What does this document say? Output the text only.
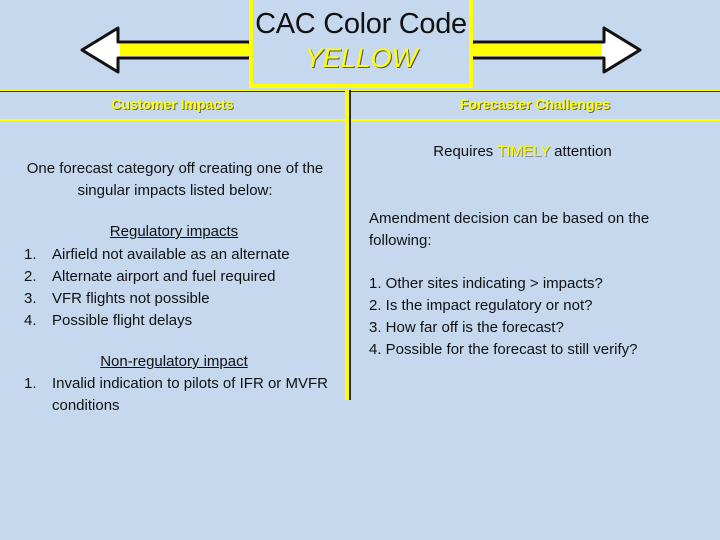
CAC Color Code
YELLOW
Customer Impacts	Forecaster Challenges
One forecast category off creating one of the singular impacts listed below:
Regulatory impacts
1. Airfield not available as an alternate
2. Alternate airport and fuel required
3. VFR flights not possible
4. Possible flight delays
Non-regulatory impact
1. Invalid indication to pilots of IFR or MVFR conditions
Requires TIMELY attention
Amendment decision can be based on the following:
1. Other sites indicating > impacts?
2. Is the impact regulatory or not?
3. How far off is the forecast?
4. Possible for the forecast to still verify?
